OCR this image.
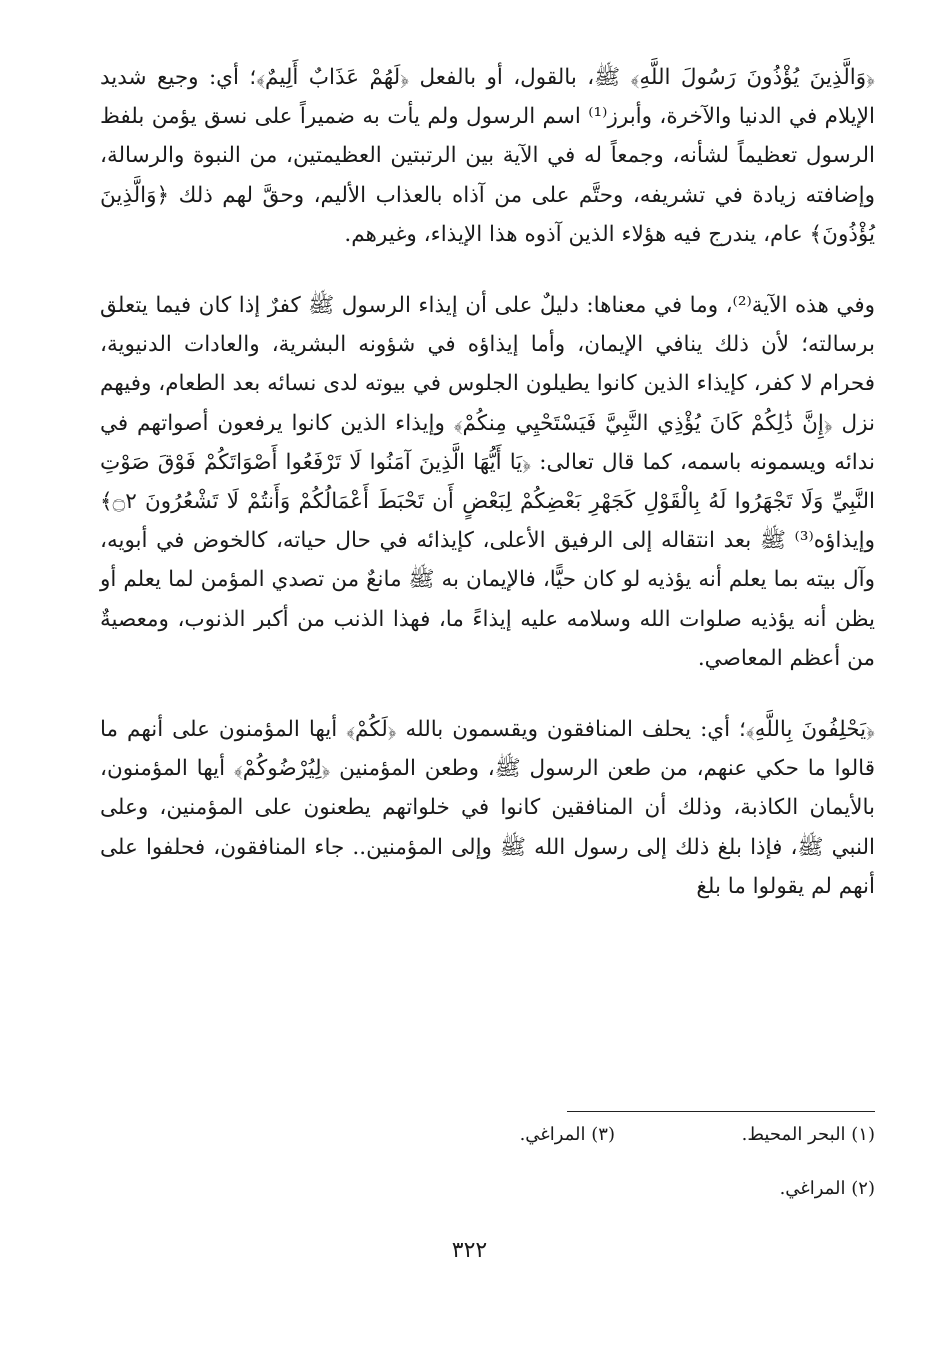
﴿وَالَّذِينَ يُؤْذُونَ رَسُولَ اللَّهِ﴾ ﷺ، بالقول، أو بالفعل ﴿لَهُمْ عَذَابٌ أَلِيمٌ﴾؛ أي: وجيع شديد الإيلام في الدنيا والآخرة، وأبرز⁽¹⁾ اسم الرسول ولم يأت به ضميراً على نسق يؤمن بلفظ الرسول تعظيماً لشأنه، وجمعاً له في الآية بين الرتبتين العظيمتين، من النبوة والرسالة، وإضافته زيادة في تشريفه، وحتَّم على من آذاه بالعذاب الأليم، وحقَّ لهم ذلك ﴿وَالَّذِينَ يُؤْذُونَ﴾ عام، يندرج فيه هؤلاء الذين آذوه هذا الإيذاء، وغيرهم.

وفي هذه الآية⁽²⁾، وما في معناها: دليلٌ على أن إيذاء الرسول ﷺ كفرٌ إذا كان فيما يتعلق برسالته؛ لأن ذلك ينافي الإيمان، وأما إيذاؤه في شؤونه البشرية، والعادات الدنيوية، فحرام لا كفر، كإيذاء الذين كانوا يطيلون الجلوس في بيوته لدى نسائه بعد الطعام، وفيهم نزل ﴿إِنَّ ذَٰلِكُمْ كَانَ يُؤْذِي النَّبِيَّ فَيَسْتَحْيِي مِنكُمْ﴾ وإيذاء الذين كانوا يرفعون أصواتهم في ندائه ويسمونه باسمه، كما قال تعالى: ﴿يَا أَيُّهَا الَّذِينَ آمَنُوا لَا تَرْفَعُوا أَصْوَاتَكُمْ فَوْقَ صَوْتِ النَّبِيِّ وَلَا تَجْهَرُوا لَهُ بِالْقَوْلِ كَجَهْرِ بَعْضِكُمْ لِبَعْضٍ أَن تَحْبَطَ أَعْمَالُكُمْ وَأَنتُمْ لَا تَشْعُرُونَ ۝٢﴾ وإيذاؤه⁽³⁾ ﷺ بعد انتقاله إلى الرفيق الأعلى، كإيذائه في حال حياته، كالخوض في أبويه، وآل بيته بما يعلم أنه يؤذيه لو كان حيًّا، فالإيمان به ﷺ مانعٌ من تصدي المؤمن لما يعلم أو يظن أنه يؤذيه صلوات الله وسلامه عليه إيذاءً ما، فهذا الذنب من أكبر الذنوب، ومعصيةٌ من أعظم المعاصي.

﴿يَحْلِفُونَ بِاللَّهِ﴾؛ أي: يحلف المنافقون ويقسمون بالله ﴿لَكُمْ﴾ أيها المؤمنون على أنهم ما قالوا ما حكي عنهم، من طعن الرسول ﷺ، وطعن المؤمنين ﴿لِيُرْضُوكُمْ﴾ أيها المؤمنون، بالأيمان الكاذبة، وذلك أن المنافقين كانوا في خلواتهم يطعنون على المؤمنين، وعلى النبي ﷺ، فإذا بلغ ذلك إلى رسول الله ﷺ وإلى المؤمنين.. جاء المنافقون، فحلفوا على أنهم لم يقولوا ما بلغ

(١) البحر المحيط.
(٣) المراغي.
(٢) المراغي.
٣٢٢
